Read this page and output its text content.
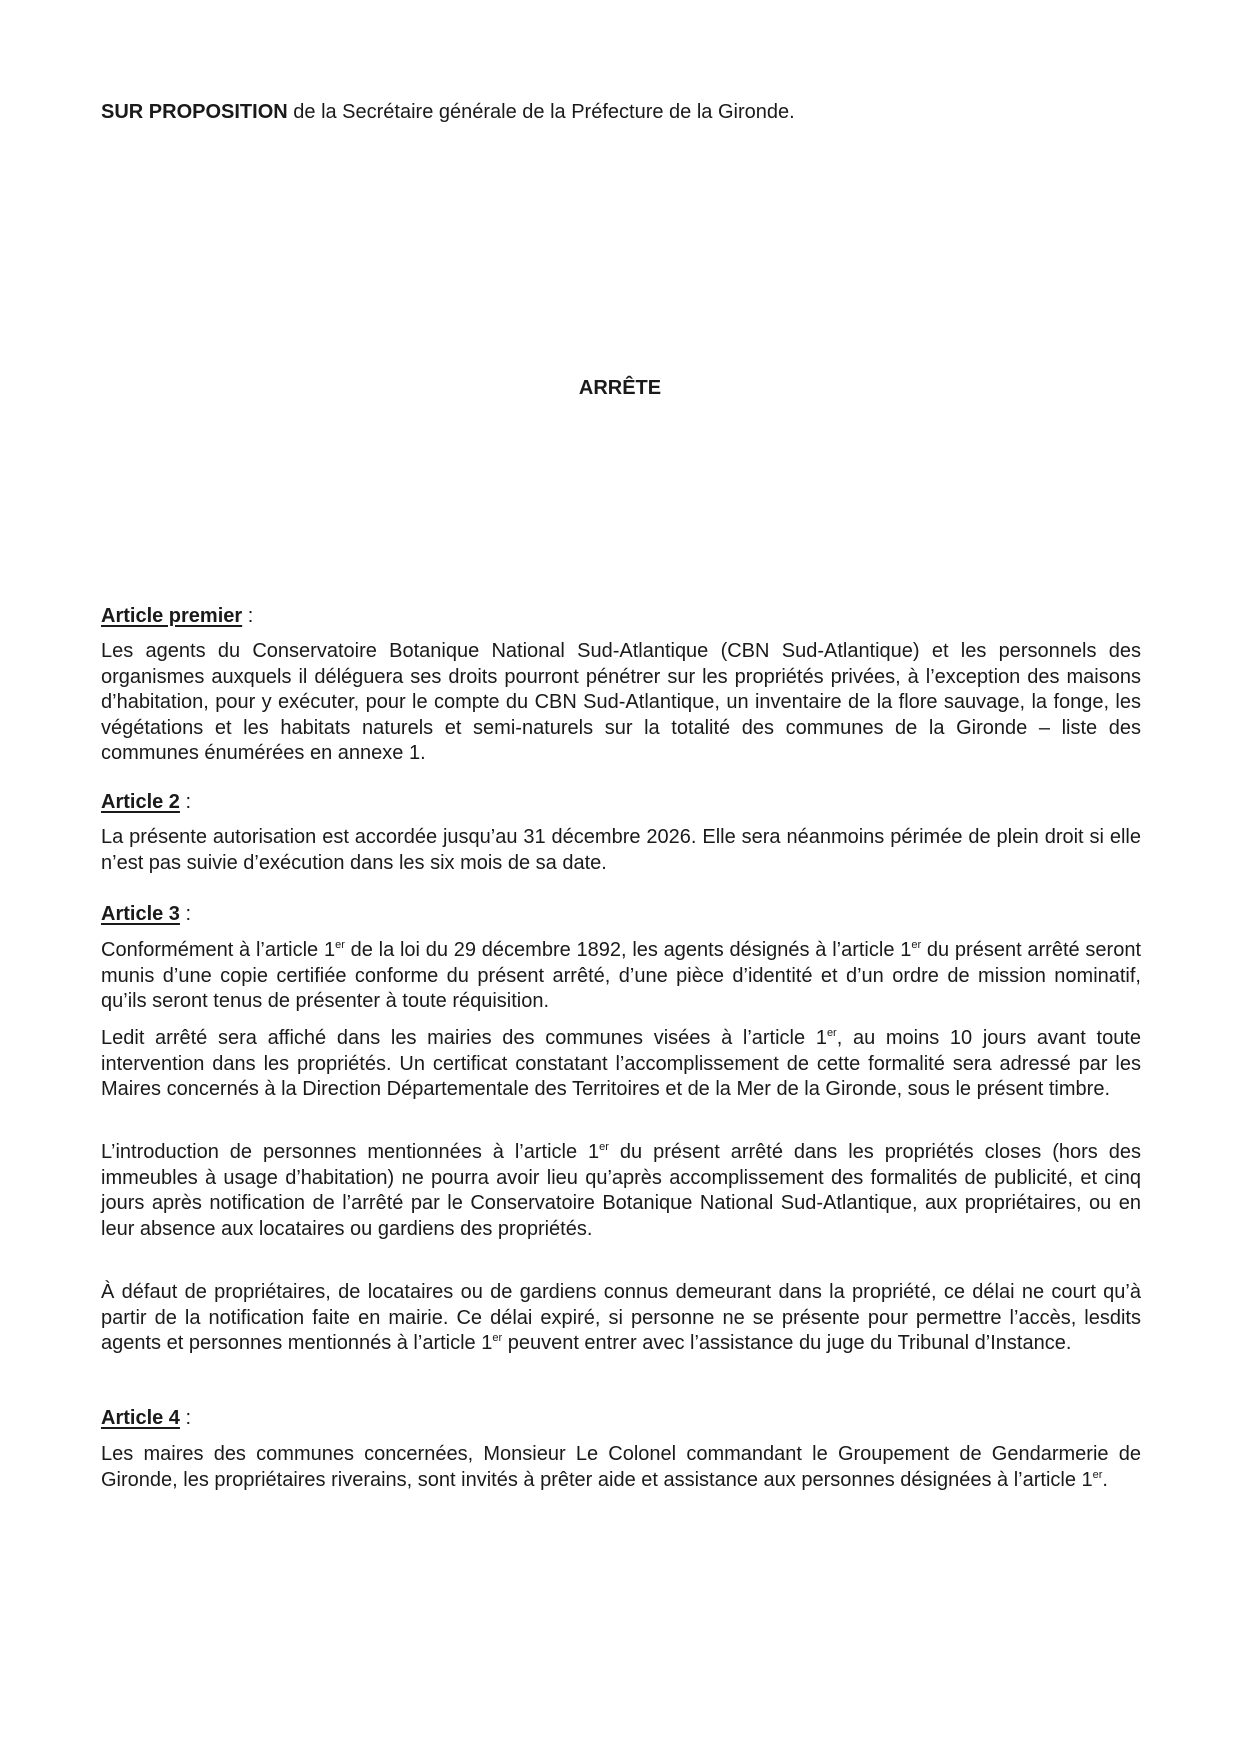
SUR PROPOSITION de la Secrétaire générale de la Préfecture de la Gironde.

ARRÊTE

Article premier :

Les agents du Conservatoire Botanique National Sud-Atlantique (CBN Sud-Atlantique) et les personnels des organismes auxquels il déléguera ses droits pourront pénétrer sur les propriétés privées, à l’exception des maisons d’habitation, pour y exécuter, pour le compte du CBN Sud-Atlantique, un inventaire de la flore sauvage, la fonge, les végétations et les habitats naturels et semi-naturels sur la totalité des communes de la Gironde – liste des communes énumérées en annexe 1.

Article 2 :

La présente autorisation est accordée jusqu’au 31 décembre 2026. Elle sera néanmoins périmée de plein droit si elle n’est pas suivie d’exécution dans les six mois de sa date.

Article 3 :

Conformément à l’article 1er de la loi du 29 décembre 1892, les agents désignés à l’article 1er du présent arrêté seront munis d’une copie certifiée conforme du présent arrêté, d’une pièce d’identité et d’un ordre de mission nominatif, qu’ils seront tenus de présenter à toute réquisition.

Ledit arrêté sera affiché dans les mairies des communes visées à l’article 1er, au moins 10 jours avant toute intervention dans les propriétés. Un certificat constatant l’accomplissement de cette formalité sera adressé par les Maires concernés à la Direction Départementale des Territoires et de la Mer de la Gironde, sous le présent timbre.

L’introduction de personnes mentionnées à l’article 1er du présent arrêté dans les propriétés closes (hors des immeubles à usage d’habitation) ne pourra avoir lieu qu’après accomplissement des formalités de publicité, et cinq jours après notification de l’arrêté par le Conservatoire Botanique National Sud-Atlantique, aux propriétaires, ou en leur absence aux locataires ou gardiens des propriétés.

À défaut de propriétaires, de locataires ou de gardiens connus demeurant dans la propriété, ce délai ne court qu’à partir de la notification faite en mairie. Ce délai expiré, si personne ne se présente pour permettre l’accès, lesdits agents et personnes mentionnés à l’article 1er peuvent entrer avec l’assistance du juge du Tribunal d’Instance.

Article 4 :

Les maires des communes concernées, Monsieur Le Colonel commandant le Groupement de Gendarmerie de Gironde, les propriétaires riverains, sont invités à prêter aide et assistance aux personnes désignées à l’article 1er.
